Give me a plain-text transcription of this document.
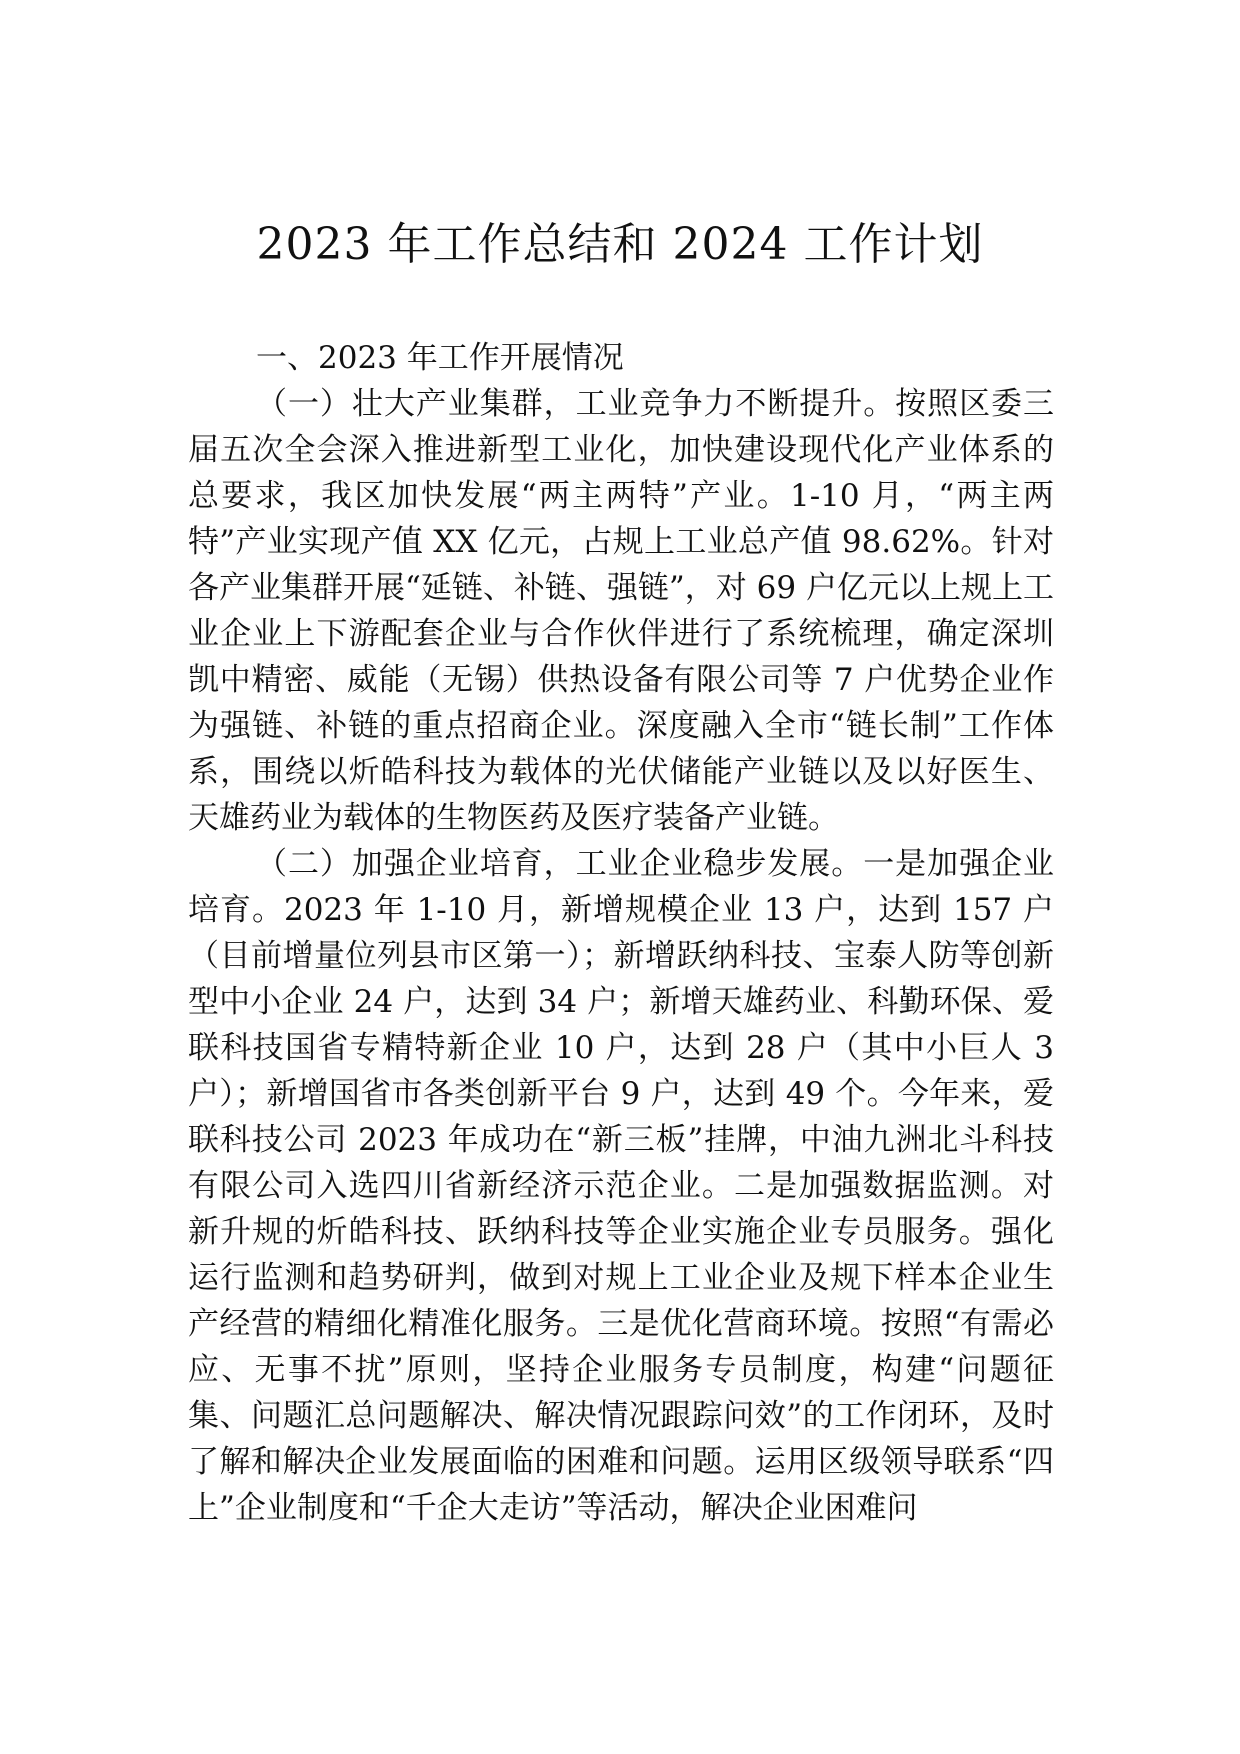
2023 年工作总结和 2024 工作计划

一、2023 年工作开展情况

（一）壮大产业集群，工业竞争力不断提升。按照区委三届五次全会深入推进新型工业化，加快建设现代化产业体系的总要求，我区加快发展“两主两特”产业。1-10 月，“两主两特”产业实现产值 XX 亿元，占规上工业总产值 98.62%。针对各产业集群开展“延链、补链、强链”，对 69 户亿元以上规上工业企业上下游配套企业与合作伙伴进行了系统梳理，确定深圳凯中精密、威能（无锡）供热设备有限公司等 7 户优势企业作为强链、补链的重点招商企业。深度融入全市“链长制”工作体系，围绕以炘皓科技为载体的光伏储能产业链以及以好医生、天雄药业为载体的生物医药及医疗装备产业链。

（二）加强企业培育，工业企业稳步发展。一是加强企业培育。2023 年 1-10 月，新增规模企业 13 户，达到 157 户（目前增量位列县市区第一）；新增跃纳科技、宝泰人防等创新型中小企业 24 户，达到 34 户；新增天雄药业、科勤环保、爱联科技国省专精特新企业 10 户，达到 28 户（其中小巨人 3 户）；新增国省市各类创新平台 9 户，达到 49 个。今年来，爱联科技公司 2023 年成功在“新三板”挂牌，中油九洲北斗科技有限公司入选四川省新经济示范企业。二是加强数据监测。对新升规的炘皓科技、跃纳科技等企业实施企业专员服务。强化运行监测和趋势研判，做到对规上工业企业及规下样本企业生产经营的精细化精准化服务。三是优化营商环境。按照“有需必应、无事不扰”原则，坚持企业服务专员制度，构建“问题征集、问题汇总问题解决、解决情况跟踪问效”的工作闭环，及时了解和解决企业发展面临的困难和问题。运用区级领导联系“四上”企业制度和“千企大走访”等活动，解决企业困难问
